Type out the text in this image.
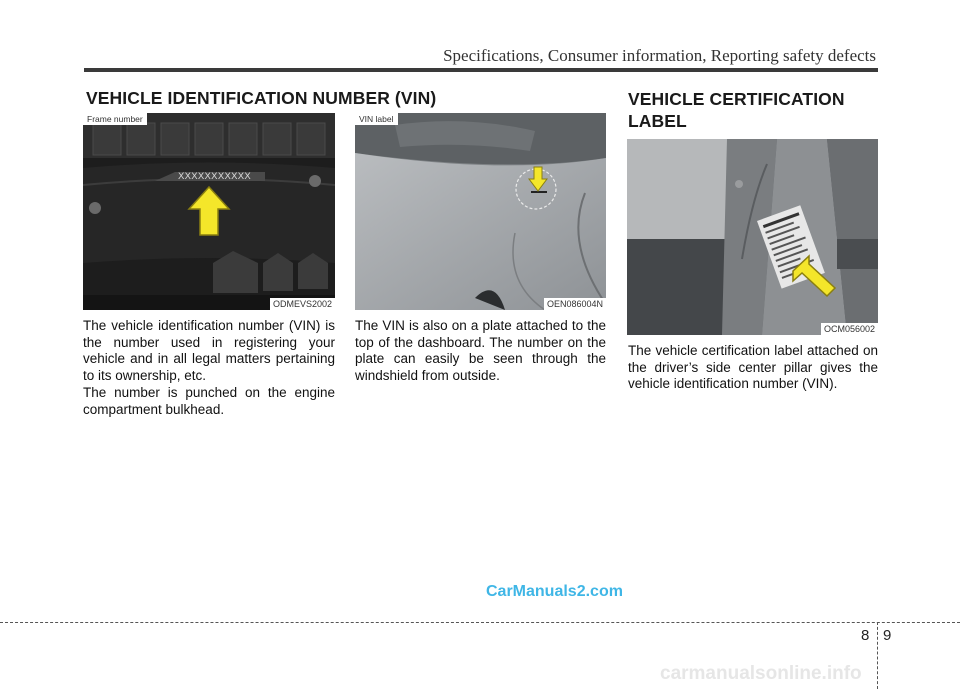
Specifications, Consumer information, Reporting safety defects
VEHICLE IDENTIFICATION NUMBER (VIN)	VEHICLE CERTIFICATION
LABEL
XXXXXXXXXXX
Frame number
ODMEVS2002
VIN label
OEN086004N
OCM056002

The vehicle identification number (VIN) is the number used in registering your vehicle and in all legal matters pertaining to its ownership, etc.

The number is punched on the engine compartment bulkhead.

The VIN is also on a plate attached to the top of the dashboard. The number on the plate can easily be seen through the windshield from outside.

The vehicle certification label attached on the driver’s side center pillar gives the vehicle identification number (VIN).

CarManuals2.com
8 9
carmanualsonline.info
